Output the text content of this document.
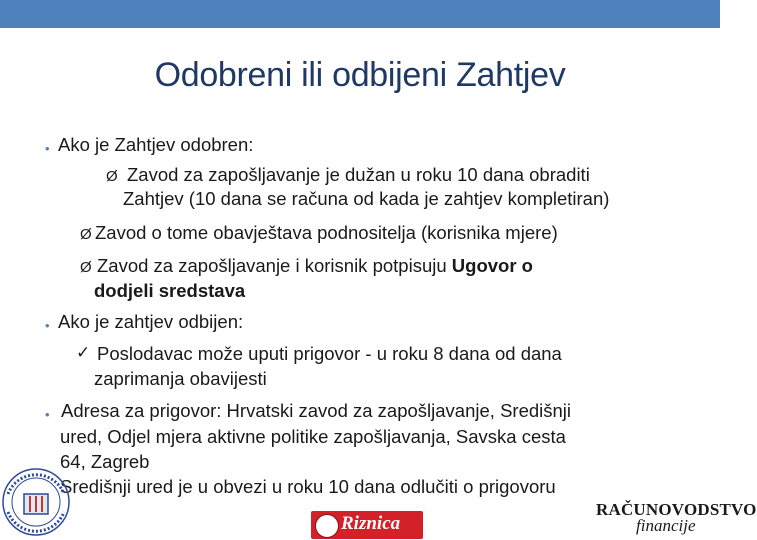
Odobreni ili odbijeni Zahtjev
• Ako je Zahtjev odobren:
Ø Zavod za zapošljavanje je dužan u roku 10 dana obraditi
Zahtjev (10 dana se računa od kada je zahtjev kompletiran)
Ø Zavod o tome obavještava podnositelja (korisnika mjere)
Ø Zavod za zapošljavanje i korisnik potpisuju Ugovor o
dodjeli sredstava
• Ako je zahtjev odbijen:
✓ Poslodavac može uputi prigovor - u roku 8 dana od dana
zaprimanja obavijesti
• Adresa za prigovor: Hrvatski zavod za zapošljavanje, Središnji
ured, Odjel mjera aktivne politike zapošljavanja, Savska cesta
64, Zagreb
Središnji ured je u obvezi u roku 10 dana odlučiti o prigovoru
Riznica
RAČUNOVODSTVO
financije
